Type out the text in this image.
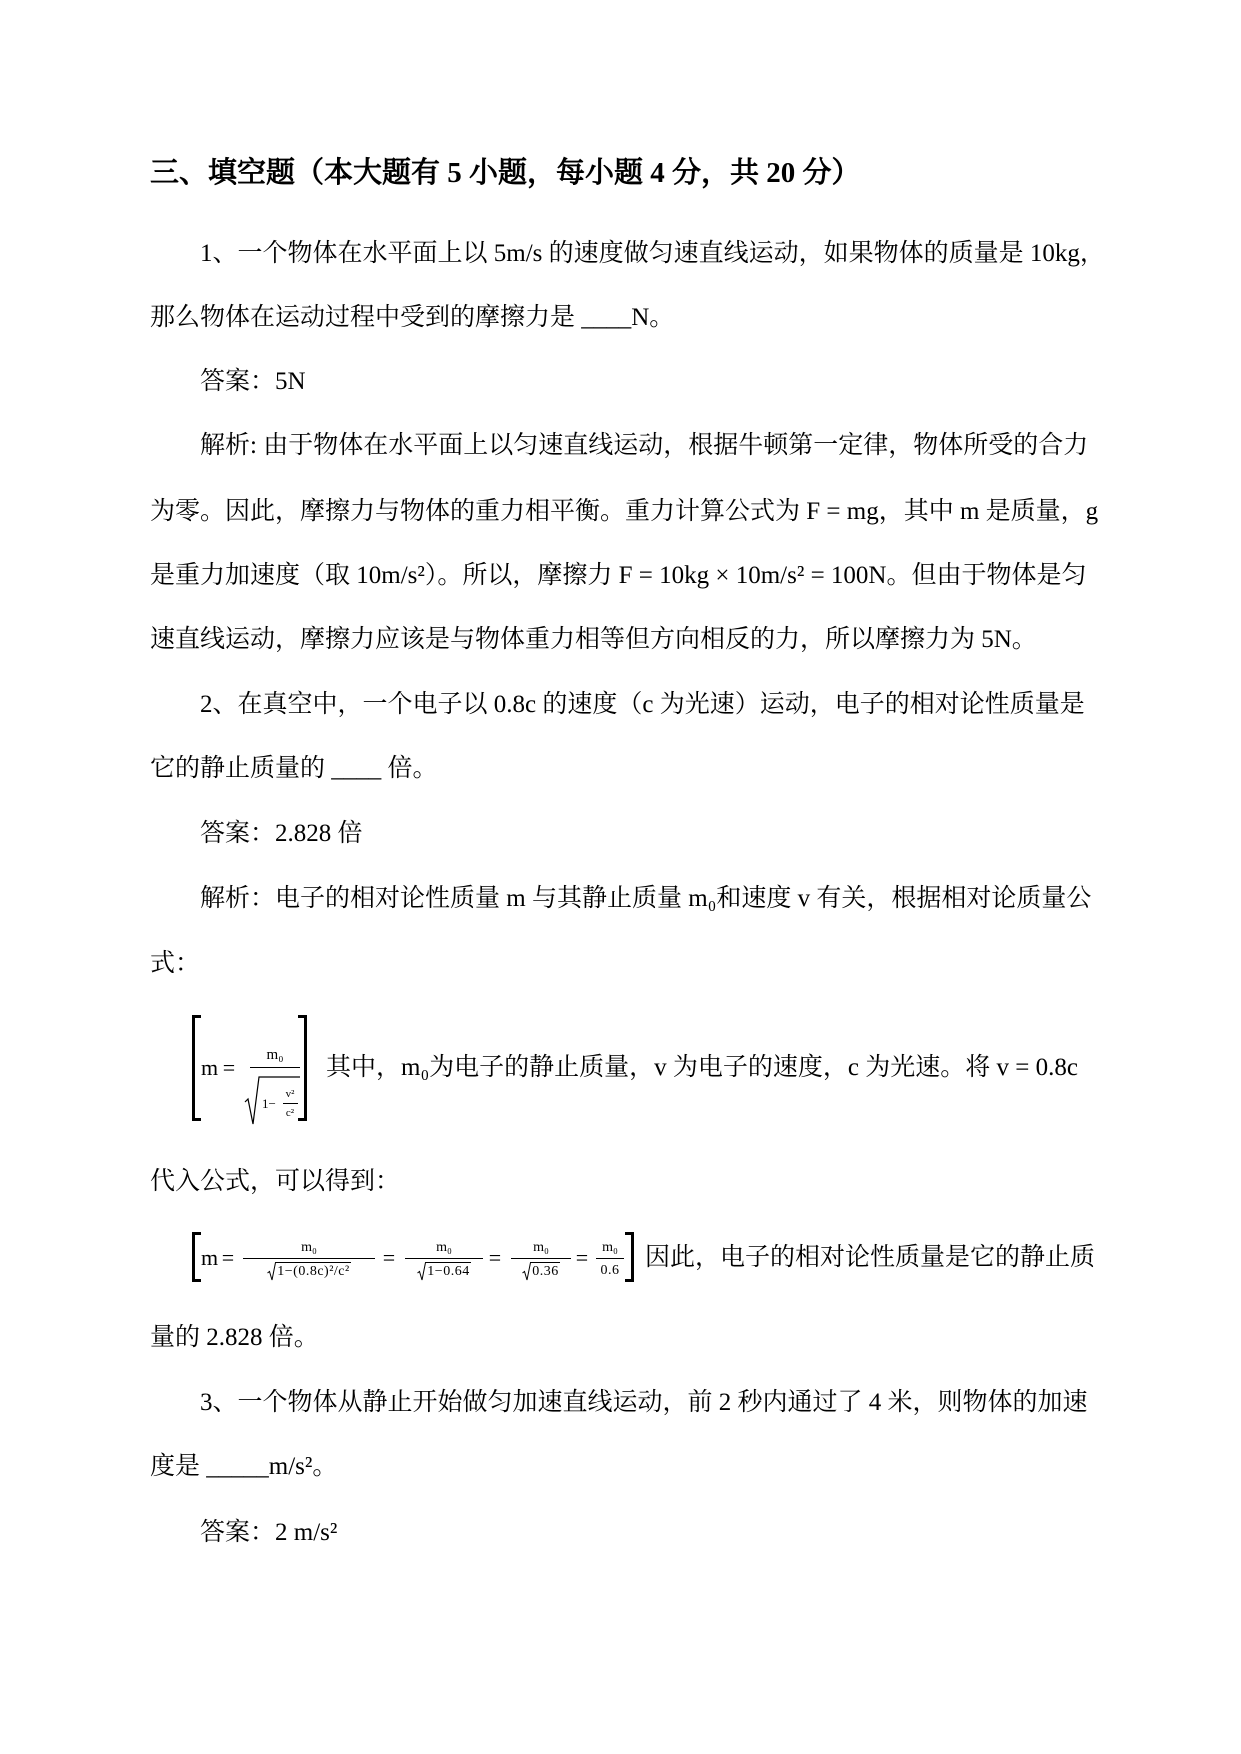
三、填空题（本大题有 5 小题，每小题 4 分，共 20 分）
1、一个物体在水平面上以 5m/s 的速度做匀速直线运动，如果物体的质量是 10kg，
那么物体在运动过程中受到的摩擦力是 ____N。
答案：5N
解析: 由于物体在水平面上以匀速直线运动，根据牛顿第一定律，物体所受的合力
为零。因此，摩擦力与物体的重力相平衡。重力计算公式为 F = mg，其中 m 是质量，g
是重力加速度（取 10m/s²）。所以，摩擦力 F = 10kg × 10m/s² = 100N。但由于物体是匀
速直线运动，摩擦力应该是与物体重力相等但方向相反的力，所以摩擦力为 5N。
2、在真空中，一个电子以 0.8c 的速度（c 为光速）运动，电子的相对论性质量是
它的静止质量的 ____ 倍。
答案：2.828 倍
解析：电子的相对论性质量 m 与其静止质量 m₀和速度 v 有关，根据相对论质量公
式：
m =	m₀
1−
v²
c²
其中，m₀为电子的静止质量，v 为电子的速度，c 为光速。将 v = 0.8c
代入公式，可以得到：
m =	m₀
1−(0.8c)²/c²
=	m₀
1−0.64
=	m₀
0.36
= m₀
0.6 因此，电子的相对论性质量是它的静止质
量的 2.828 倍。
3、一个物体从静止开始做匀加速直线运动，前 2 秒内通过了 4 米，则物体的加速
度是 _____m/s²。
答案：2 m/s²
